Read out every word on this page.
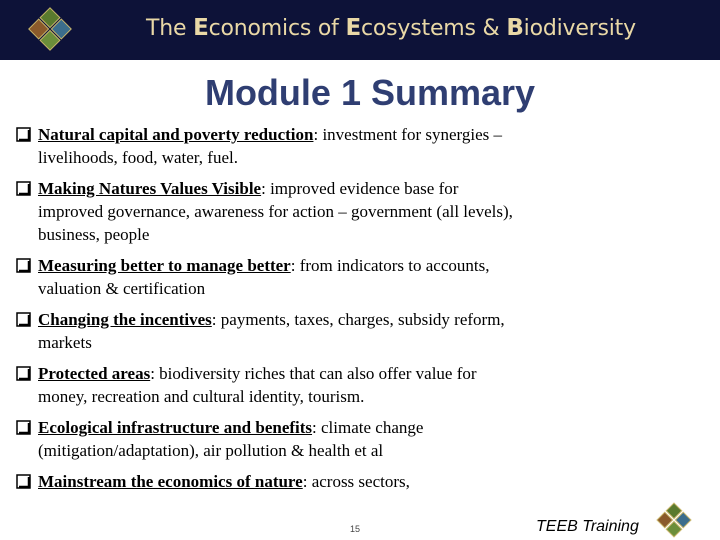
The Economics of Ecosystems & Biodiversity
Module 1 Summary
Natural capital and poverty reduction: investment for synergies –livelihoods, food, water, fuel.
Making Natures Values Visible: improved evidence base for improved governance, awareness for action – government (all levels), business, people
Measuring better to manage better: from indicators to accounts, valuation & certification
Changing the incentives: payments, taxes, charges, subsidy reform, markets
Protected areas: biodiversity riches that can also offer value for money, recreation and cultural identity, tourism.
Ecological infrastructure and benefits: climate change (mitigation/adaptation), air pollution & health et al
Mainstream the economics of nature: across sectors,
15	TEEB Training
